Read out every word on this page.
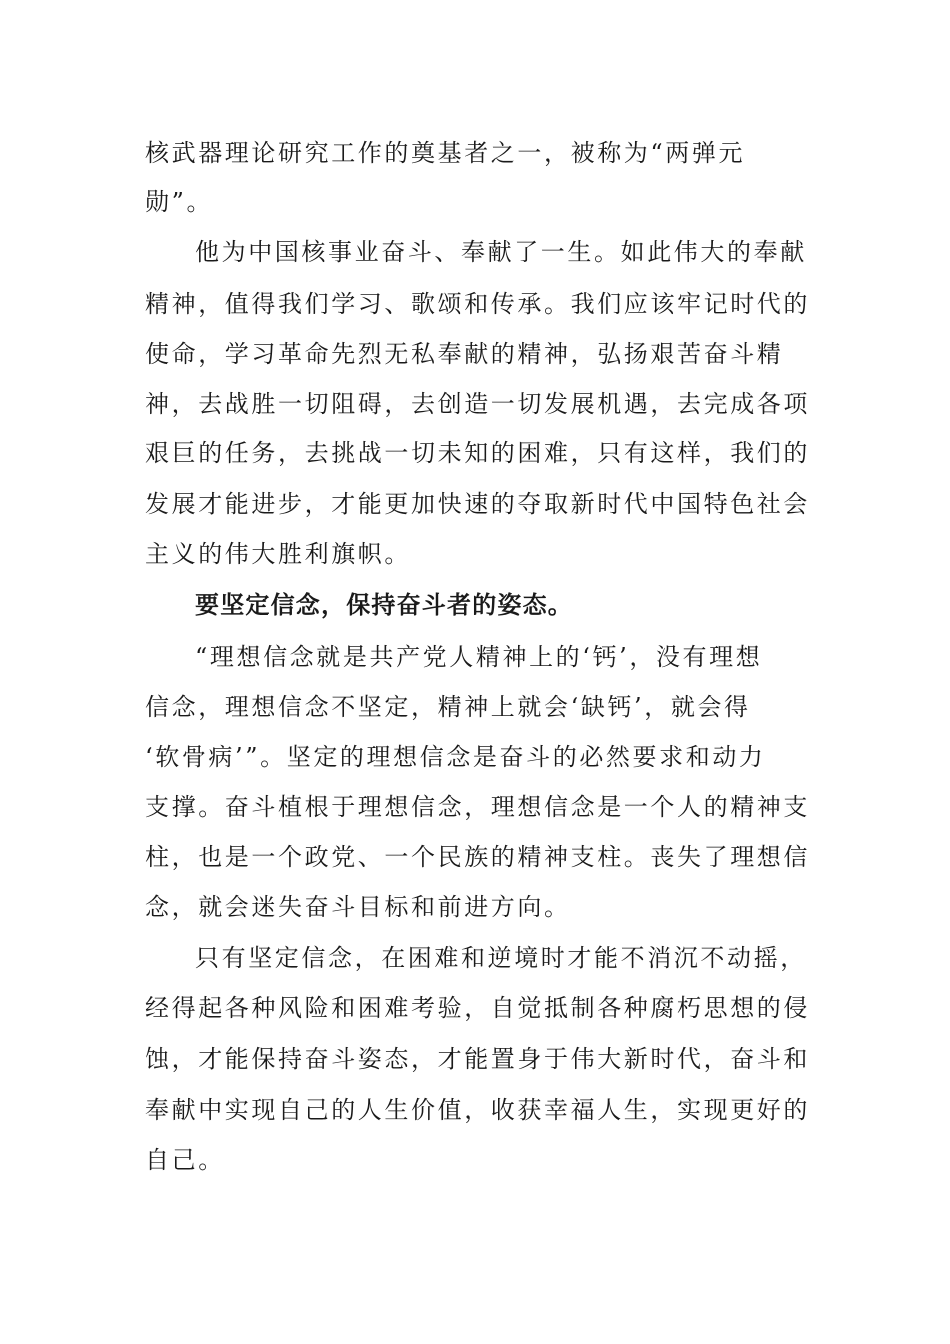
核武器理论研究工作的奠基者之一，被称为“两弹元
勋”。
他为中国核事业奋斗、奉献了一生。如此伟大的奉献
精神，值得我们学习、歌颂和传承。我们应该牢记时代的
使命，学习革命先烈无私奉献的精神，弘扬艰苦奋斗精
神，去战胜一切阻碍，去创造一切发展机遇，去完成各项
艰巨的任务，去挑战一切未知的困难，只有这样，我们的
发展才能进步，才能更加快速的夺取新时代中国特色社会
主义的伟大胜利旗帜。
要坚定信念，保持奋斗者的姿态。
“理想信念就是共产党人精神上的‘钙’，没有理想
信念，理想信念不坚定，精神上就会‘缺钙’，就会得
‘软骨病’”。坚定的理想信念是奋斗的必然要求和动力
支撑。奋斗植根于理想信念，理想信念是一个人的精神支
柱，也是一个政党、一个民族的精神支柱。丧失了理想信
念，就会迷失奋斗目标和前进方向。
只有坚定信念，在困难和逆境时才能不消沉不动摇，
经得起各种风险和困难考验，自觉抵制各种腐朽思想的侵
蚀，才能保持奋斗姿态，才能置身于伟大新时代，奋斗和
奉献中实现自己的人生价值，收获幸福人生，实现更好的
自己。
